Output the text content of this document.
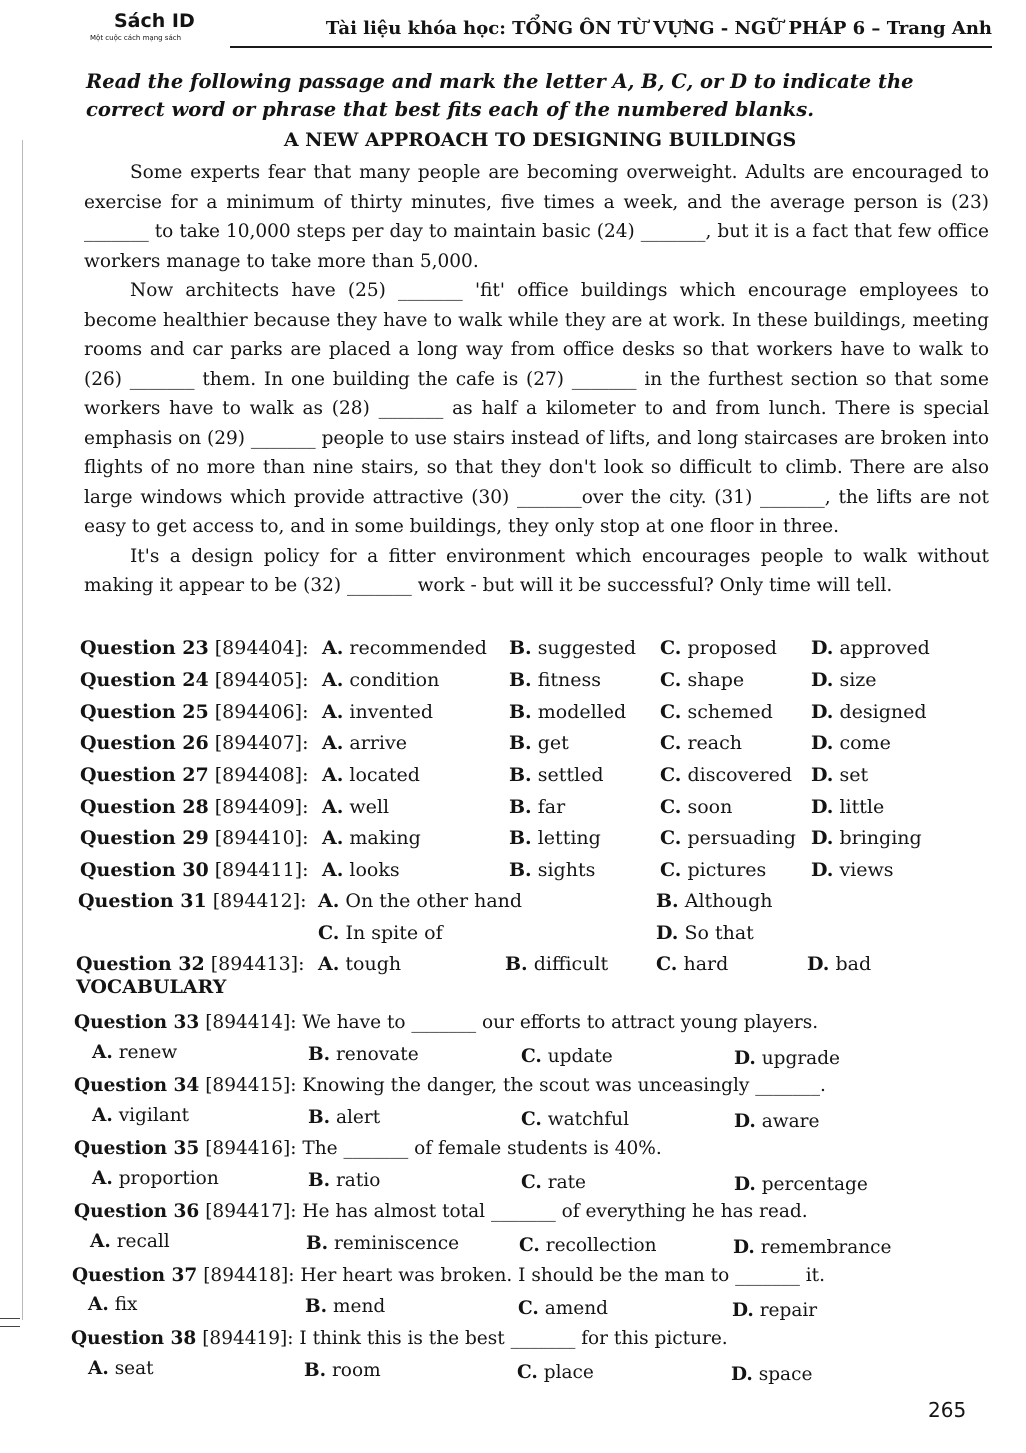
Sách ID
Một cuộc cách mạng sách	Tài liệu khóa học: TỔNG ÔN TỪ VỰNG - NGỮ PHÁP 6 – Trang Anh

Read the following passage and mark the letter A, B, C, or D to indicate the correct word or phrase that best fits each of the numbered blanks.

A NEW APPROACH TO DESIGNING BUILDINGS

Some experts fear that many people are becoming overweight. Adults are encouraged to exercise for a minimum of thirty minutes, five times a week, and the average person is (23) _______ to take 10,000 steps per day to maintain basic (24) _______, but it is a fact that few office workers manage to take more than 5,000.

Now architects have (25) _______ 'fit' office buildings which encourage employees to become healthier because they have to walk while they are at work. In these buildings, meeting rooms and car parks are placed a long way from office desks so that workers have to walk to (26) _______ them. In one building the cafe is (27) _______ in the furthest section so that some workers have to walk as (28) _______ as half a kilometer to and from lunch. There is special emphasis on (29) _______ people to use stairs instead of lifts, and long staircases are broken into flights of no more than nine stairs, so that they don't look so difficult to climb. There are also large windows which provide attractive (30) _______over the city. (31) _______, the lifts are not easy to get access to, and in some buildings, they only stop at one floor in three.

It's a design policy for a fitter environment which encourages people to walk without making it appear to be (32) _______ work - but will it be successful? Only time will tell.

Question 23 [894404]: A. recommended B. suggested C. proposed D. approved
Question 24 [894405]: A. condition	B. fitness	C. shape	D. size
Question 25 [894406]: A. invented	B. modelled C. schemed D. designed
Question 26 [894407]: A. arrive	B. get	C. reach	D. come
Question 27 [894408]: A. located	B. settled	C. discovered D. set
Question 28 [894409]: A. well	B. far	C. soon	D. little
Question 29 [894410]: A. making	B. letting	C. persuading D. bringing
Question 30 [894411]: A. looks	B. sights	C. pictures D. views
Question 31 [894412]: A. On the other hand	B. Although
C. In spite of	D. So that
Question 32 [894413]: A. tough	B. difficult	C. hard	D. bad
VOCABULARY
Question 33 [894414]: We have to _______ our efforts to attract young players.
A. renew	B. renovate	C. update	D. upgrade
Question 34 [894415]: Knowing the danger, the scout was unceasingly _______.
A. vigilant	B. alert	C. watchful	D. aware
Question 35 [894416]: The _______ of female students is 40%.
A. proportion	B. ratio	C. rate	D. percentage
Question 36 [894417]: He has almost total _______ of everything he has read.
A. recall	B. reminiscence	C. recollection	D. remembrance
Question 37 [894418]: Her heart was broken. I should be the man to _______ it.
A. fix	B. mend	C. amend	D. repair
Question 38 [894419]: I think this is the best _______ for this picture.
A. seat	B. room	C. place	D. space
265
